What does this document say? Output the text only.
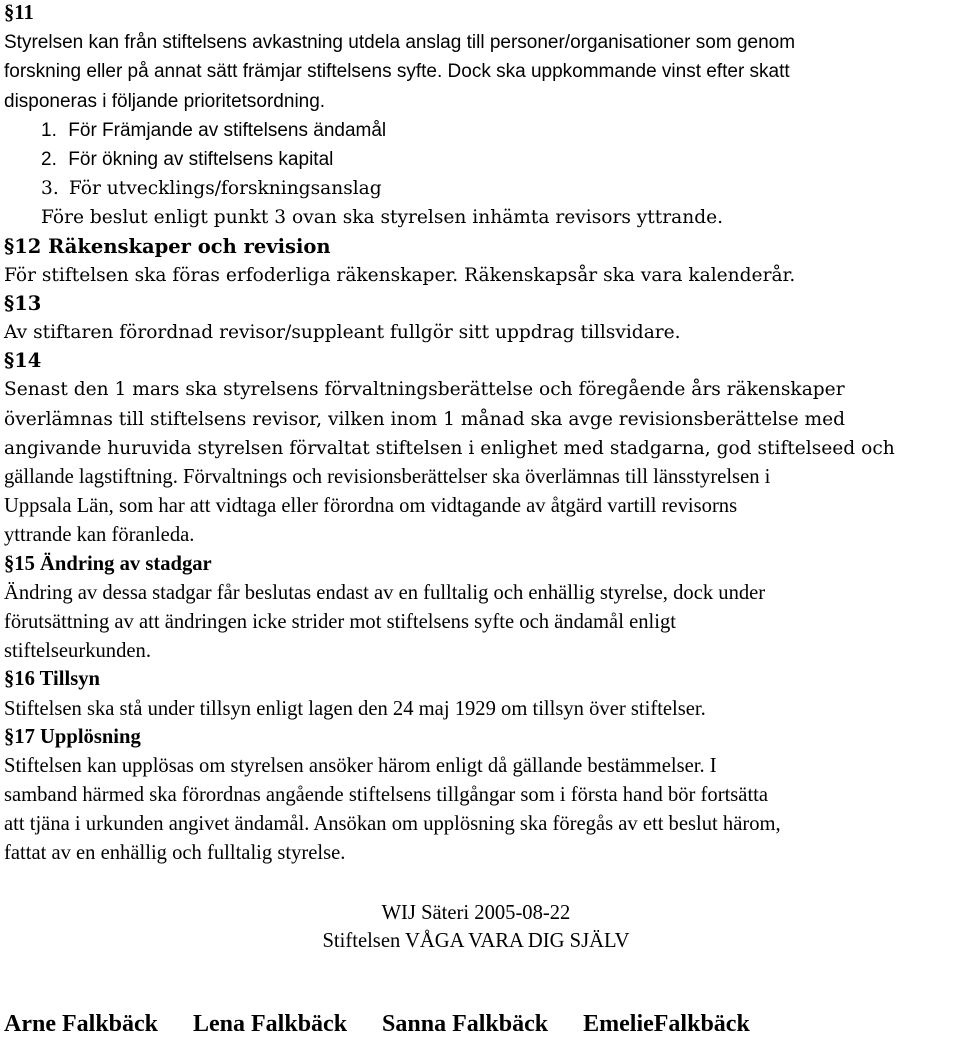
§11
Styrelsen kan från stiftelsens avkastning utdela anslag till personer/organisationer som genom
forskning eller på annat sätt främjar stiftelsens syfte. Dock ska uppkommande vinst efter skatt
disponeras i följande prioritetsordning.
1. För Främjande av stiftelsens ändamål
2. För ökning av stiftelsens kapital
3. För utvecklings/forskningsanslag
Före beslut enligt punkt 3 ovan ska styrelsen inhämta revisors yttrande.
§12 Räkenskaper och revision
För stiftelsen ska föras erfoderliga räkenskaper. Räkenskapsår ska vara kalenderår.
§13
Av stiftaren förordnad revisor/suppleant fullgör sitt uppdrag tillsvidare.
§14
Senast den 1 mars ska styrelsens förvaltningsberättelse och föregående års räkenskaper
överlämnas till stiftelsens revisor, vilken inom 1 månad ska avge revisionsberättelse med
angivande huruvida styrelsen förvaltat stiftelsen i enlighet med stadgarna, god stiftelseed och
gällande lagstiftning. Förvaltnings och revisionsberättelser ska överlämnas till länsstyrelsen i
Uppsala Län, som har att vidtaga eller förordna om vidtagande av åtgärd vartill revisorns
yttrande kan föranleda.
§15 Ändring av stadgar
Ändring av dessa stadgar får beslutas endast av en fulltalig och enhällig styrelse, dock under
förutsättning av att ändringen icke strider mot stiftelsens syfte och ändamål enligt
stiftelseurkunden.
§16 Tillsyn
Stiftelsen ska stå under tillsyn enligt lagen den 24 maj 1929 om tillsyn över stiftelser.
§17 Upplösning
Stiftelsen kan upplösas om styrelsen ansöker härom enligt då gällande bestämmelser. I
samband härmed ska förordnas angående stiftelsens tillgångar som i första hand bör fortsätta
att tjäna i urkunden angivet ändamål. Ansökan om upplösning ska föregås av ett beslut härom,
fattat av en enhällig och fulltalig styrelse.
WIJ Säteri 2005-08-22
Stiftelsen VÅGA VARA DIG SJÄLV
Arne Falkbäck Lena Falkbäck Sanna Falkbäck EmelieFalkbäck
